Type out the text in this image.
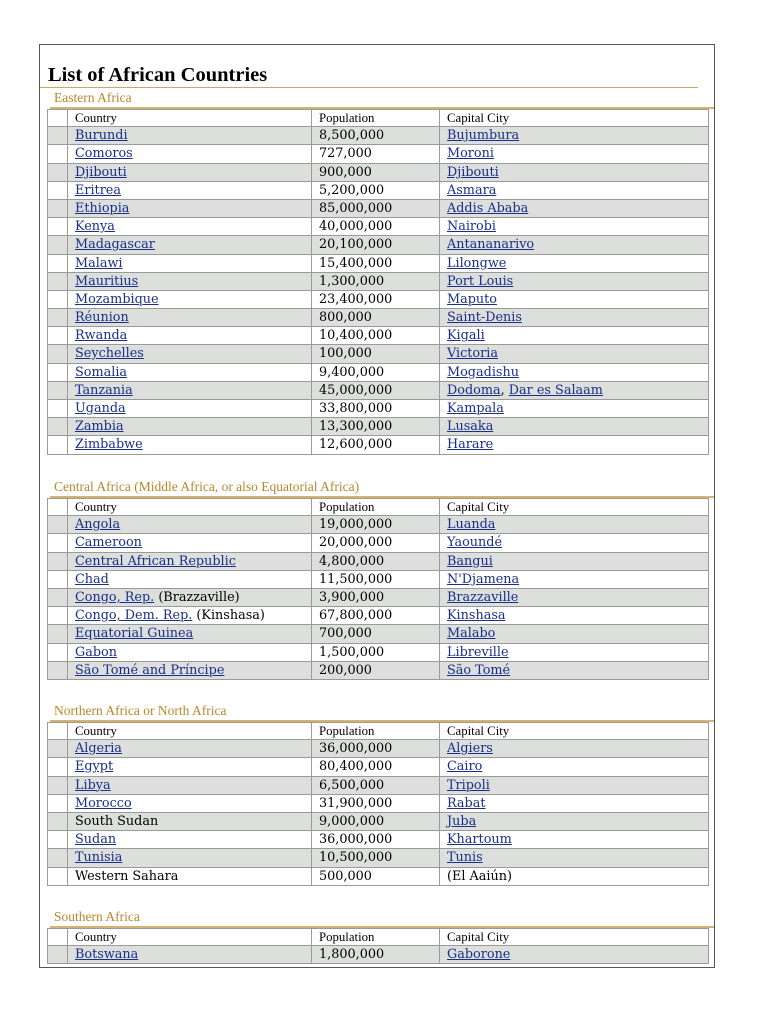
List of African Countries
Eastern Africa
Country	Population	Capital City
Burundi	8,500,000	Bujumbura
Comoros	727,000	Moroni
Djibouti	900,000	Djibouti
Eritrea	5,200,000	Asmara
Ethiopia	85,000,000	Addis Ababa
Kenya	40,000,000	Nairobi
Madagascar	20,100,000	Antananarivo
Malawi	15,400,000	Lilongwe
Mauritius	1,300,000	Port Louis
Mozambique	23,400,000	Maputo
Réunion	800,000	Saint-Denis
Rwanda	10,400,000	Kigali
Seychelles	100,000	Victoria
Somalia	9,400,000	Mogadishu
Tanzania	45,000,000	Dodoma, Dar es Salaam
Uganda	33,800,000	Kampala
Zambia	13,300,000	Lusaka
Zimbabwe	12,600,000	Harare
Central Africa (Middle Africa, or also Equatorial Africa)
Country	Population	Capital City
Angola	19,000,000	Luanda
Cameroon	20,000,000	Yaoundé
Central African Republic	4,800,000	Bangui
Chad	11,500,000	N'Djamena
Congo, Rep. (Brazzaville)	3,900,000	Brazzaville
Congo, Dem. Rep. (Kinshasa)	67,800,000	Kinshasa
Equatorial Guinea	700,000	Malabo
Gabon	1,500,000	Libreville
São Tomé and Príncipe	200,000	São Tomé
Northern Africa or North Africa
Country	Population	Capital City
Algeria	36,000,000	Algiers
Egypt	80,400,000	Cairo
Libya	6,500,000	Tripoli
Morocco	31,900,000	Rabat
South Sudan	9,000,000	Juba
Sudan	36,000,000	Khartoum
Tunisia	10,500,000	Tunis
Western Sahara	500,000	(El Aaiún)
Southern Africa
Country	Population	Capital City
Botswana	1,800,000	Gaborone
